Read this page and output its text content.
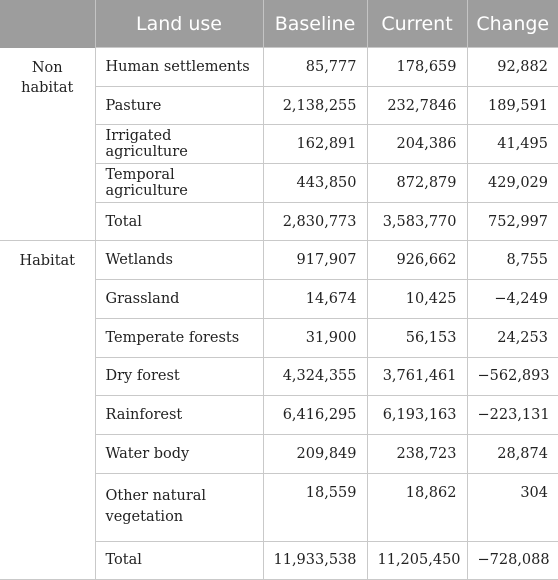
	Land use	Baseline	Current	Change
Non habitat	Human settlements	85,777	178,659	92,882
	Pasture	2,138,255	232,7846	189,591
	Irrigated agriculture	162,891	204,386	41,495
	Temporal agriculture	443,850	872,879	429,029
	Total	2,830,773	3,583,770	752,997
Habitat	Wetlands	917,907	926,662	8,755
	Grassland	14,674	10,425	−4,249
	Temperate forests	31,900	56,153	24,253
	Dry forest	4,324,355	3,761,461	−562,893
	Rainforest	6,416,295	6,193,163	−223,131
	Water body	209,849	238,723	28,874
	Other natural vegetation	18,559	18,862	304
	Total	11,933,538	11,205,450	−728,088
